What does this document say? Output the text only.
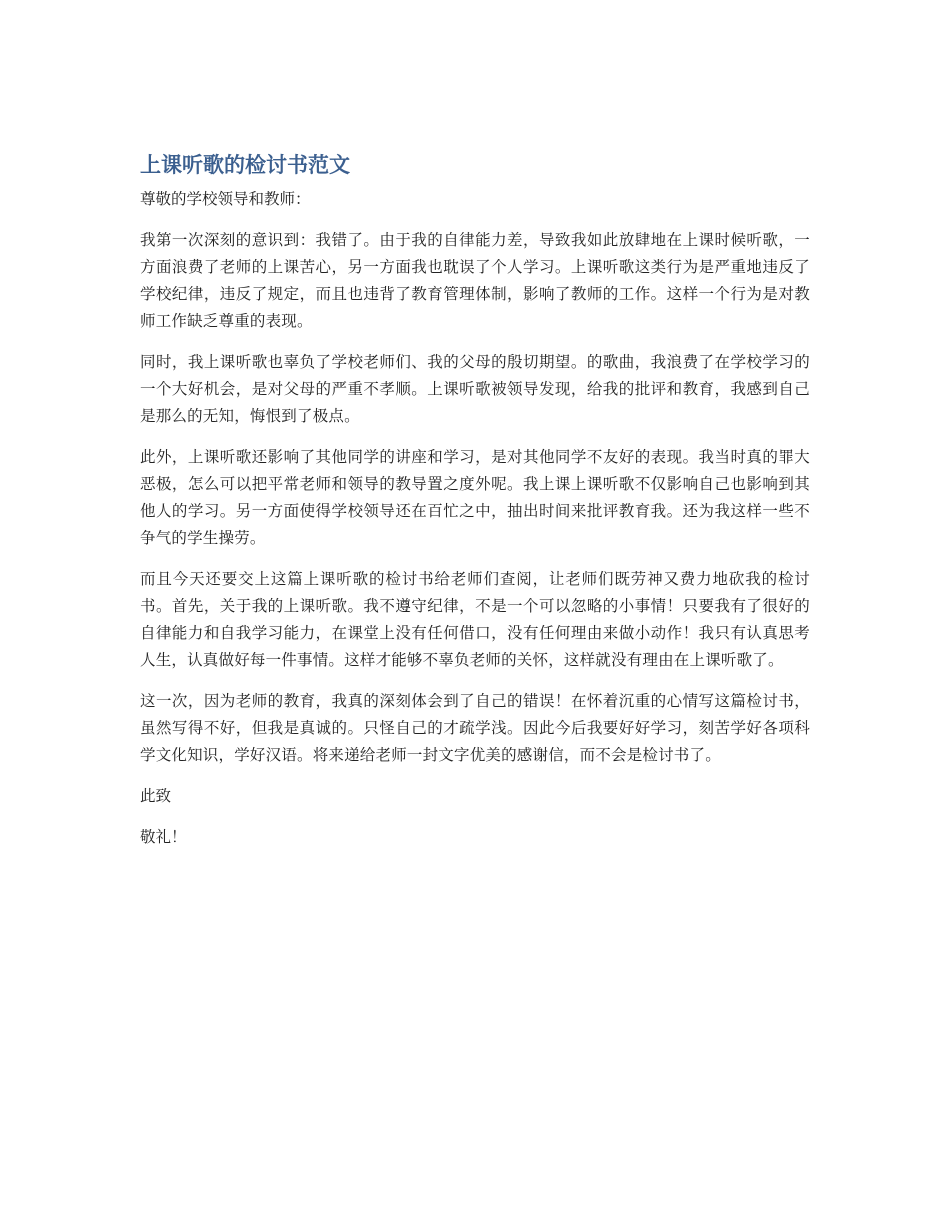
上课听歌的检讨书范文

尊敬的学校领导和教师：

我第一次深刻的意识到：我错了。由于我的自律能力差，导致我如此放肆地在上课时候听歌，一方面浪费了老师的上课苦心，另一方面我也耽误了个人学习。上课听歌这类行为是严重地违反了学校纪律，违反了规定，而且也违背了教育管理体制，影响了教师的工作。这样一个行为是对教师工作缺乏尊重的表现。

同时，我上课听歌也辜负了学校老师们、我的父母的殷切期望。的歌曲，我浪费了在学校学习的一个大好机会，是对父母的严重不孝顺。上课听歌被领导发现，给我的批评和教育，我感到自己是那么的无知，悔恨到了极点。

此外，上课听歌还影响了其他同学的讲座和学习，是对其他同学不友好的表现。我当时真的罪大恶极，怎么可以把平常老师和领导的教导置之度外呢。我上课上课听歌不仅影响自己也影响到其他人的学习。另一方面使得学校领导还在百忙之中，抽出时间来批评教育我。还为我这样一些不争气的学生操劳。

而且今天还要交上这篇上课听歌的检讨书给老师们查阅，让老师们既劳神又费力地砍我的检讨书。首先，关于我的上课听歌。我不遵守纪律，不是一个可以忽略的小事情！只要我有了很好的自律能力和自我学习能力，在课堂上没有任何借口，没有任何理由来做小动作！我只有认真思考人生，认真做好每一件事情。这样才能够不辜负老师的关怀，这样就没有理由在上课听歌了。

这一次，因为老师的教育，我真的深刻体会到了自己的错误！在怀着沉重的心情写这篇检讨书，虽然写得不好，但我是真诚的。只怪自己的才疏学浅。因此今后我要好好学习，刻苦学好各项科学文化知识，学好汉语。将来递给老师一封文字优美的感谢信，而不会是检讨书了。

此致

敬礼！
